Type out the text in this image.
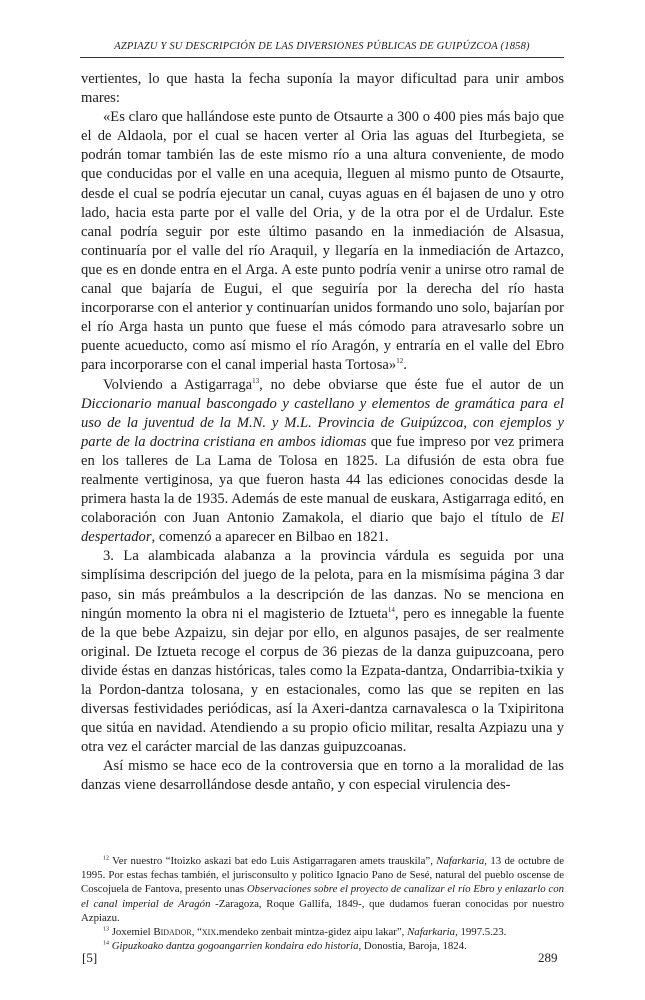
AZPIAZU Y SU DESCRIPCIÓN DE LAS DIVERSIONES PÚBLICAS DE GUIPÚZCOA (1858)

vertientes, lo que hasta la fecha suponía la mayor dificultad para unir ambos mares:

«Es claro que hallándose este punto de Otsaurte a 300 o 400 pies más bajo que el de Aldaola, por el cual se hacen verter al Oria las aguas del Iturbegieta, se podrán tomar también las de este mismo río a una altura conveniente, de modo que conducidas por el valle en una acequia, lleguen al mismo punto de Otsaurte, desde el cual se podría ejecutar un canal, cuyas aguas en él bajasen de uno y otro lado, hacia esta parte por el valle del Oria, y de la otra por el de Urdalur. Este canal podría seguir por este último pasando en la inmediación de Alsasua, continuaría por el valle del río Araquil, y llegaría en la inmediación de Artazco, que es en donde entra en el Arga. A este punto podría venir a unirse otro ramal de canal que bajaría de Eugui, el que seguiría por la derecha del río hasta incorporarse con el anterior y continuarían unidos formando uno solo, bajarían por el río Arga hasta un punto que fuese el más cómodo para atravesarlo sobre un puente acueducto, como así mismo el río Aragón, y entraría en el valle del Ebro para incorporarse con el canal imperial hasta Tortosa»$^{12}$.

Volviendo a Astigarraga$^{13}$, no debe obviarse que éste fue el autor de un Diccionario manual bascongado y castellano y elementos de gramática para el uso de la juventud de la M.N. y M.L. Provincia de Guipúzcoa, con ejemplos y parte de la doctrina cristiana en ambos idiomas que fue impreso por vez primera en los talleres de La Lama de Tolosa en 1825. La difusión de esta obra fue realmente vertiginosa, ya que fueron hasta 44 las ediciones conocidas desde la primera hasta la de 1935. Además de este manual de euskara, Astigarraga editó, en colaboración con Juan Antonio Zamakola, el diario que bajo el título de El despertador, comenzó a aparecer en Bilbao en 1821.

3. La alambicada alabanza a la provincia várdula es seguida por una simplísima descripción del juego de la pelota, para en la mismísima página 3 dar paso, sin más preámbulos a la descripción de las danzas. No se menciona en ningún momento la obra ni el magisterio de Iztueta$^{14}$, pero es innegable la fuente de la que bebe Azpaizu, sin dejar por ello, en algunos pasajes, de ser realmente original. De Iztueta recoge el corpus de 36 piezas de la danza guipuzcoana, pero divide éstas en danzas históricas, tales como la Ezpata-dantza, Ondarribia-txikia y la Pordon-dantza tolosana, y en estacionales, como las que se repiten en las diversas festividades periódicas, así la Axeri-dantza carnavalesca o la Txipiritona que sitúa en navidad. Atendiendo a su propio oficio militar, resalta Azpiazu una y otra vez el carácter marcial de las danzas guipuzcoanas.

Así mismo se hace eco de la controversia que en torno a la moralidad de las danzas viene desarrollándose desde antaño, y con especial virulencia des-

$^{12}$ Ver nuestro “Itoizko askazi bat edo Luis Astigarragaren amets trauskila”, Nafarkaria, 13 de octubre de 1995. Por estas fechas también, el jurisconsulto y político Ignacio Pano de Sesé, natural del pueblo oscense de Coscojuela de Fantova, presento unas Observaciones sobre el proyecto de canalizar el río Ebro y enlazarlo con el canal imperial de Aragón -Zaragoza, Roque Gallifa, 1849-, que dudamos fueran conocidas por nuestro Azpiazu.

$^{13}$ Joxemiel Bidador, “xix.mendeko zenbait mintza-gidez aipu lakar”, Nafarkaria, 1997.5.23.

$^{14}$ Gipuzkoako dantza gogoangarrien kondaira edo historia, Donostia, Baroja, 1824.

[5]	289
